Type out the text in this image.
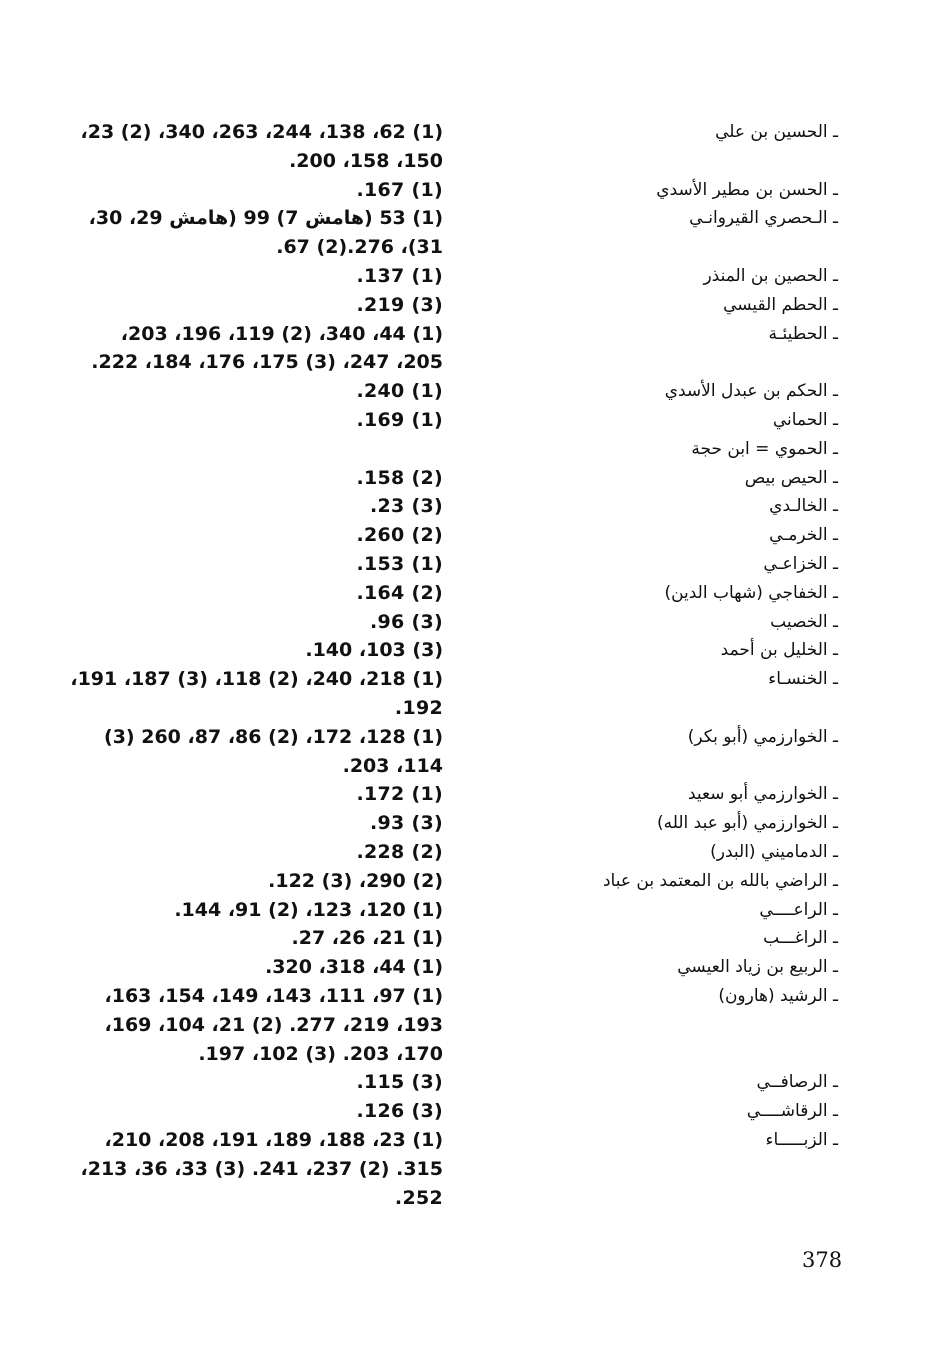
ـ الحسين بن علي
(1) 62، 138، 244، 263، 340، (2) 23،
150، 158، 200.
ـ الحسن بن مطير الأسدي
(1) 167.
ـ الـحصري القيروانـي
(1) 53 (هامش 7) 99 (هامش 29، 30،
31)، 276.(2) 67.
ـ الحصين بن المنذر
(1) 137.
ـ الحطم القيسي
(3) 219.
ـ الحطيئـة
(1) 44، 340، (2) 119، 196، 203،
205، 247، (3) 175، 176، 184، 222.
ـ الحكم بن عبدل الأسدي
(1) 240.
ـ الحماني
(1) 169.
ـ الحموي = ابن حجة
ـ الحيص بيص
(2) 158.
ـ الخالـدي
(3) 23.
ـ الخرمـي
(2) 260.
ـ الخزاعـي
(1) 153.
ـ الخفاجي (شهاب الدين)
(2) 164.
ـ الخصيب
(3) 96.
ـ الخليل بن أحمد
(3) 103، 140.
ـ الخنسـاء
(1) 218، 240، (2) 118، (3) 187، 191،
192.
ـ الخوارزمي (أبو بكر)
(1) 128، 172، (2) 86، 87، 260 (3)
114، 203.
ـ الخوارزمي أبو سعيد
(1) 172.
ـ الخوارزمي (أبو عبد الله)
(3) 93.
ـ الدماميني (البدر)
(2) 228.
ـ الراضي بالله بن المعتمد بن عباد
(2) 290، (3) 122.
ـ الراعــــي
(1) 120، 123، (2) 91، 144.
ـ الراغـــب
(1) 21، 26، 27.
ـ الربيع بن زياد العيسي
(1) 44، 318، 320.
ـ الرشيد (هارون)
(1) 97، 111، 143، 149، 154، 163،
193، 219، 277. (2) 21، 104، 169،
170، 203. (3) 102، 197.
ـ الرصافــي
(3) 115.
ـ الرقاشــــي
(3) 126.
ـ الزبـــــاء
(1) 23، 188، 189، 191، 208، 210،
315. (2) 237، 241. (3) 33، 36، 213،
252.
378
